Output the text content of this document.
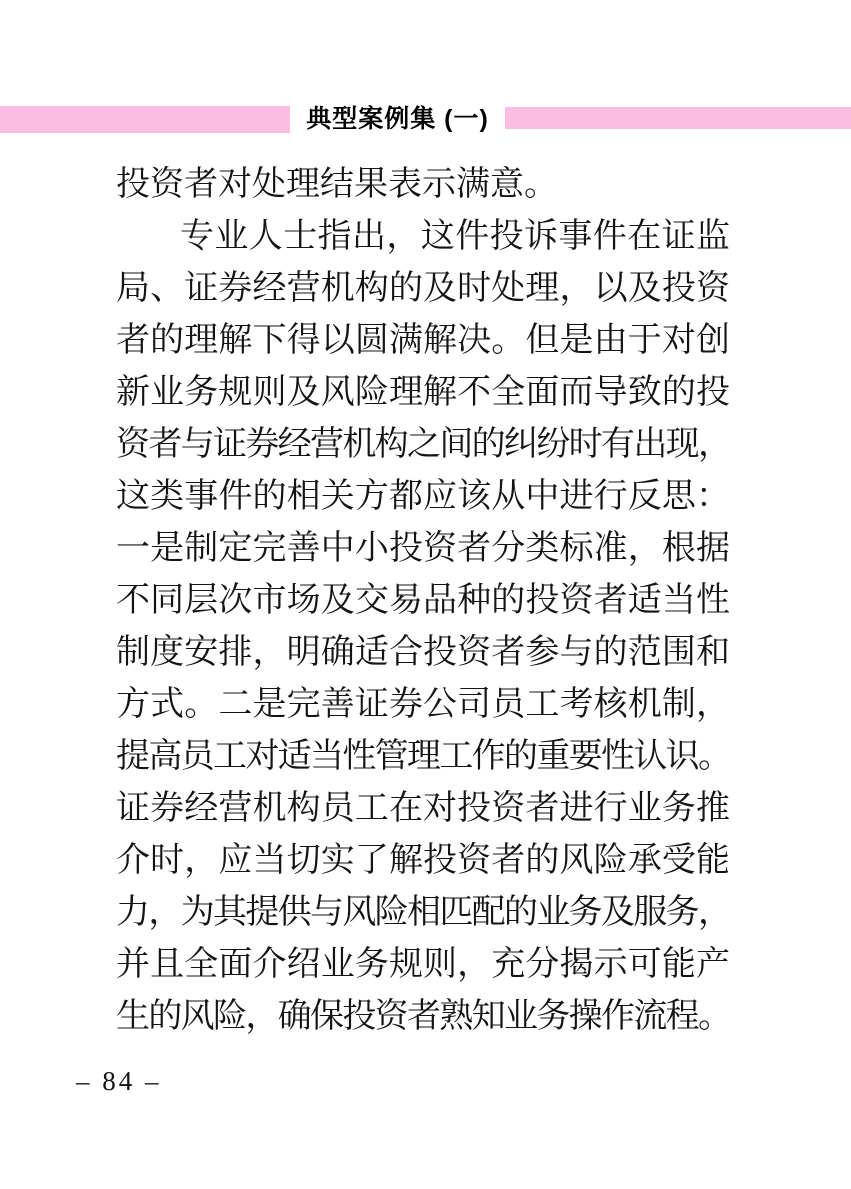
典型案例集 (一)
投资者对处理结果表示满意。
专业人士指出，这件投诉事件在证监
局、证券经营机构的及时处理，以及投资
者的理解下得以圆满解决。但是由于对创
新业务规则及风险理解不全面而导致的投
资者与证券经营机构之间的纠纷时有出现，
这类事件的相关方都应该从中进行反思：
一是制定完善中小投资者分类标准，根据
不同层次市场及交易品种的投资者适当性
制度安排，明确适合投资者参与的范围和
方式。二是完善证券公司员工考核机制，
提高员工对适当性管理工作的重要性认识。
证券经营机构员工在对投资者进行业务推
介时，应当切实了解投资者的风险承受能
力，为其提供与风险相匹配的业务及服务，
并且全面介绍业务规则，充分揭示可能产
生的风险，确保投资者熟知业务操作流程。
– 84 –
